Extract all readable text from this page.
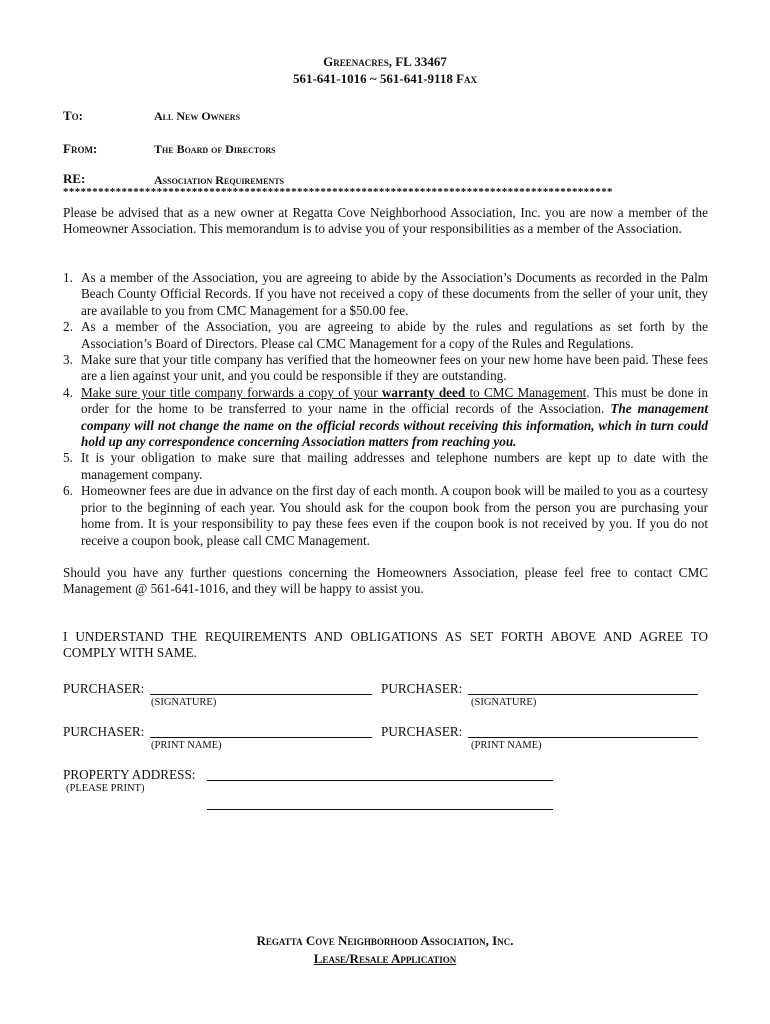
Greenacres, FL 33467
561-641-1016 ~ 561-641-9118 Fax
To:	All New Owners
From:	The Board of Directors
RE:	Association Requirements
**********************************************************************************************

Please be advised that as a new owner at Regatta Cove Neighborhood Association, Inc. you are now a member of the Homeowner Association. This memorandum is to advise you of your responsibilities as a member of the Association.

1. As a member of the Association, you are agreeing to abide by the Association’s Documents as recorded in the Palm Beach County Official Records. If you have not received a copy of these documents from the seller of your unit, they are available to you from CMC Management for a $50.00 fee.
2. As a member of the Association, you are agreeing to abide by the rules and regulations as set forth by the Association’s Board of Directors. Please cal CMC Management for a copy of the Rules and Regulations.
3. Make sure that your title company has verified that the homeowner fees on your new home have been paid. These fees are a lien against your unit, and you could be responsible if they are outstanding.
4. Make sure your title company forwards a copy of your warranty deed to CMC Management. This must be done in order for the home to be transferred to your name in the official records of the Association. The management company will not change the name on the official records without receiving this information, which in turn could hold up any correspondence concerning Association matters from reaching you.
5. It is your obligation to make sure that mailing addresses and telephone numbers are kept up to date with the management company.
6. Homeowner fees are due in advance on the first day of each month. A coupon book will be mailed to you as a courtesy prior to the beginning of each year. You should ask for the coupon book from the person you are purchasing your home from. It is your responsibility to pay these fees even if the coupon book is not received by you. If you do not receive a coupon book, please call CMC Management.

Should you have any further questions concerning the Homeowners Association, please feel free to contact CMC Management @ 561-641-1016, and they will be happy to assist you.

I UNDERSTAND THE REQUIREMENTS AND OBLIGATIONS AS SET FORTH ABOVE AND AGREE TO COMPLY WITH SAME.

PURCHASER:	PURCHASER:
(SIGNATURE)	(SIGNATURE)
PURCHASER:	PURCHASER:
(PRINT NAME)	(PRINT NAME)
PROPERTY ADDRESS:
(PLEASE PRINT)
Regatta Cove Neighborhood Association, Inc.
Lease/Resale Application
